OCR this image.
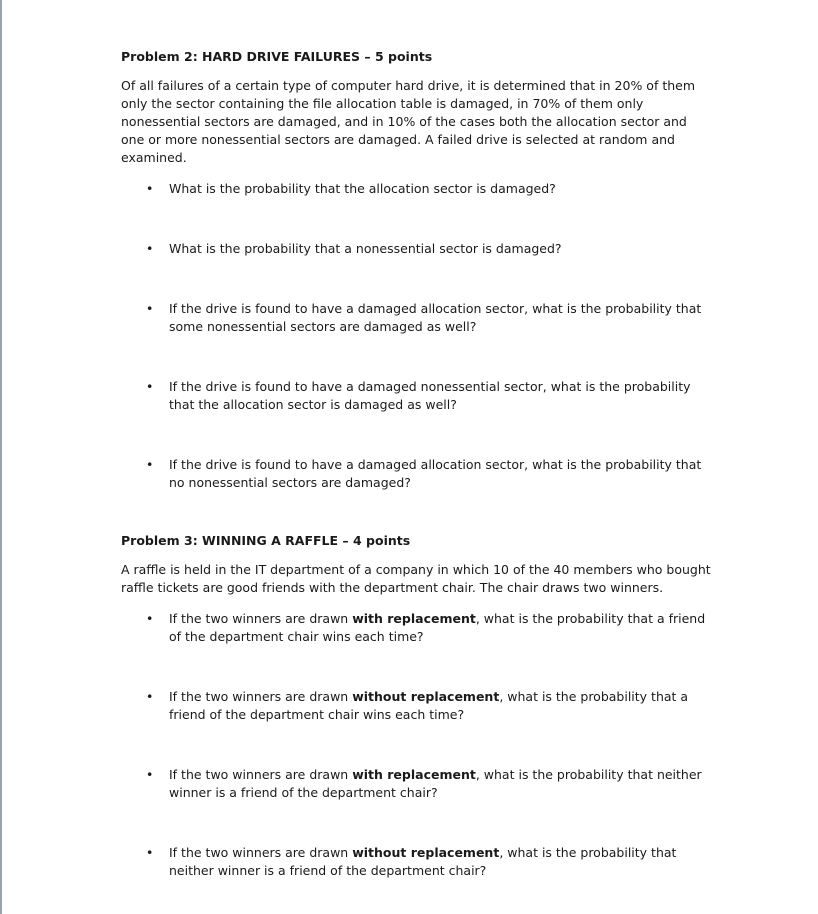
Problem 2: HARD DRIVE FAILURES – 5 points
Of all failures of a certain type of computer hard drive, it is determined that in 20% of them only the sector containing the file allocation table is damaged, in 70% of them only nonessential sectors are damaged, and in 10% of the cases both the allocation sector and one or more nonessential sectors are damaged. A failed drive is selected at random and examined.
• What is the probability that the allocation sector is damaged?
• What is the probability that a nonessential sector is damaged?
• If the drive is found to have a damaged allocation sector, what is the probability that some nonessential sectors are damaged as well?
• If the drive is found to have a damaged nonessential sector, what is the probability that the allocation sector is damaged as well?
• If the drive is found to have a damaged allocation sector, what is the probability that no nonessential sectors are damaged?
Problem 3: WINNING A RAFFLE – 4 points
A raffle is held in the IT department of a company in which 10 of the 40 members who bought raffle tickets are good friends with the department chair. The chair draws two winners.
• If the two winners are drawn with replacement, what is the probability that a friend of the department chair wins each time?
• If the two winners are drawn without replacement, what is the probability that a friend of the department chair wins each time?
• If the two winners are drawn with replacement, what is the probability that neither winner is a friend of the department chair?
• If the two winners are drawn without replacement, what is the probability that neither winner is a friend of the department chair?
